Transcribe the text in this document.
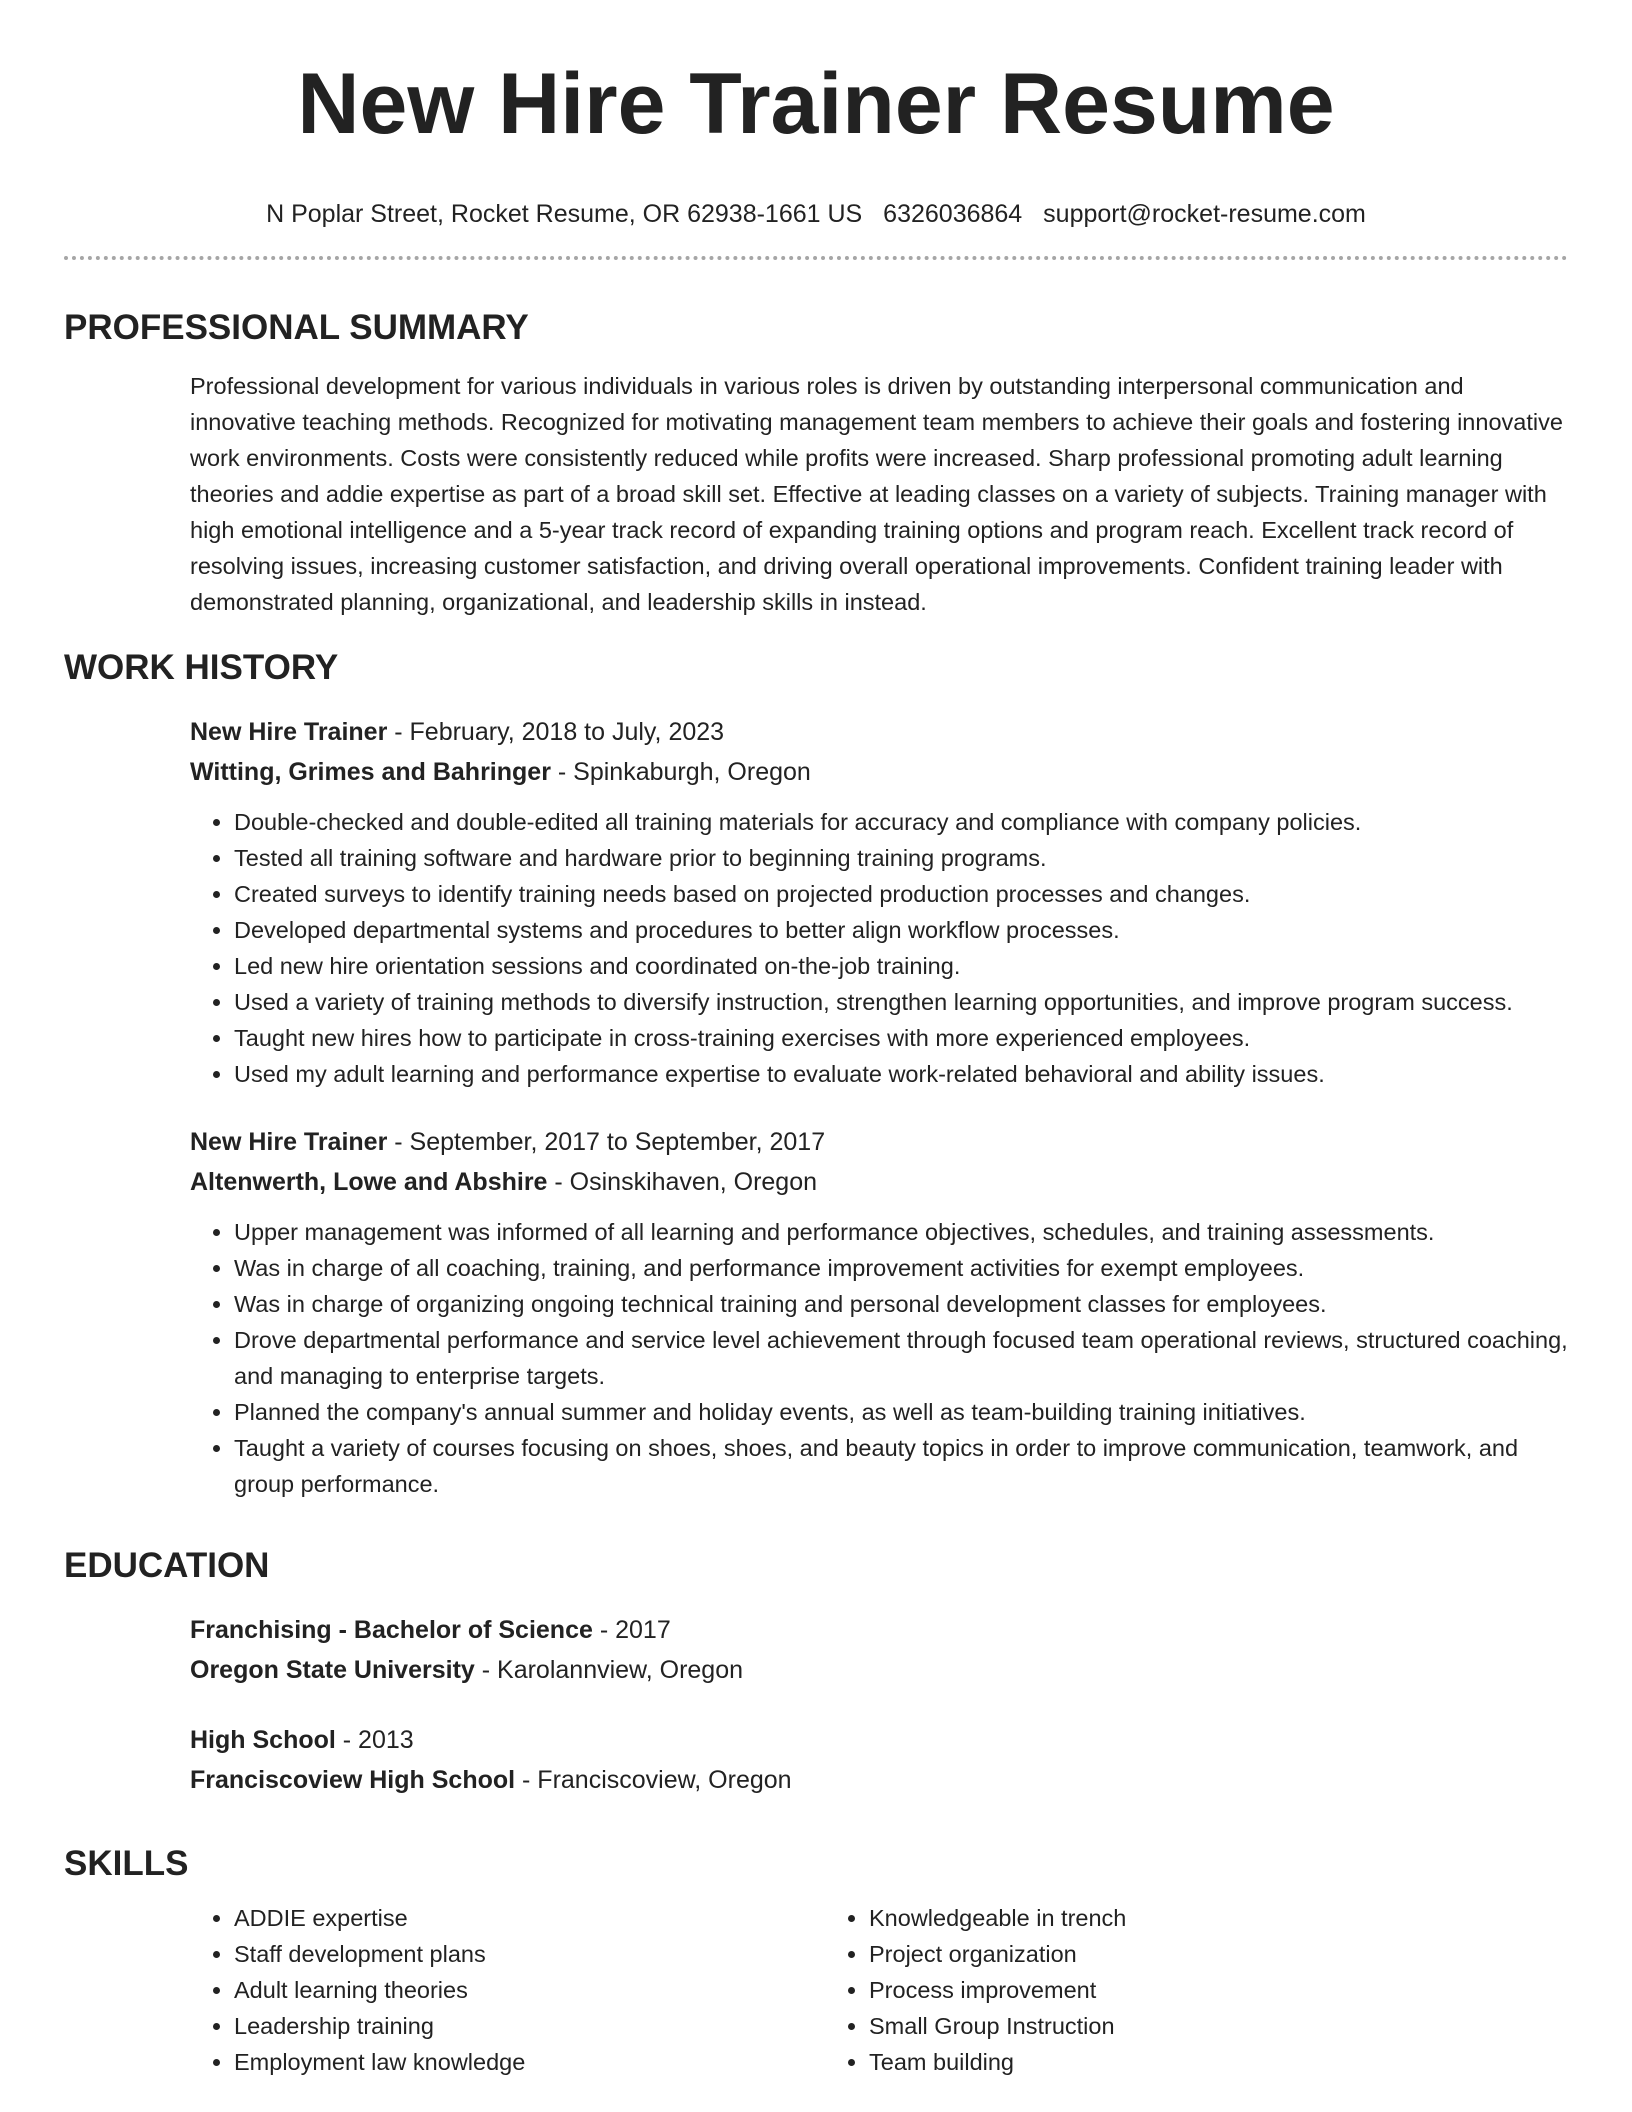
New Hire Trainer Resume
N Poplar Street, Rocket Resume, OR 62938-1661 US 6326036864 support@rocket-resume.com
PROFESSIONAL SUMMARY
Professional development for various individuals in various roles is driven by outstanding interpersonal communication and innovative teaching methods. Recognized for motivating management team members to achieve their goals and fostering innovative work environments. Costs were consistently reduced while profits were increased. Sharp professional promoting adult learning theories and addie expertise as part of a broad skill set. Effective at leading classes on a variety of subjects. Training manager with high emotional intelligence and a 5-year track record of expanding training options and program reach. Excellent track record of resolving issues, increasing customer satisfaction, and driving overall operational improvements. Confident training leader with demonstrated planning, organizational, and leadership skills in instead.
WORK HISTORY
New Hire Trainer - February, 2018 to July, 2023
Witting, Grimes and Bahringer - Spinkaburgh, Oregon
• Double-checked and double-edited all training materials for accuracy and compliance with company policies.
• Tested all training software and hardware prior to beginning training programs.
• Created surveys to identify training needs based on projected production processes and changes.
• Developed departmental systems and procedures to better align workflow processes.
• Led new hire orientation sessions and coordinated on-the-job training.
• Used a variety of training methods to diversify instruction, strengthen learning opportunities, and improve program success.
• Taught new hires how to participate in cross-training exercises with more experienced employees.
• Used my adult learning and performance expertise to evaluate work-related behavioral and ability issues.
New Hire Trainer - September, 2017 to September, 2017
Altenwerth, Lowe and Abshire - Osinskihaven, Oregon
• Upper management was informed of all learning and performance objectives, schedules, and training assessments.
• Was in charge of all coaching, training, and performance improvement activities for exempt employees.
• Was in charge of organizing ongoing technical training and personal development classes for employees.
• Drove departmental performance and service level achievement through focused team operational reviews, structured coaching, and managing to enterprise targets.
• Planned the company's annual summer and holiday events, as well as team-building training initiatives.
• Taught a variety of courses focusing on shoes, shoes, and beauty topics in order to improve communication, teamwork, and group performance.
EDUCATION
Franchising - Bachelor of Science - 2017
Oregon State University - Karolannview, Oregon
High School - 2013
Franciscoview High School - Franciscoview, Oregon
SKILLS
• ADDIE expertise
• Staff development plans
• Adult learning theories
• Leadership training
• Employment law knowledge
• Knowledgeable in trench
• Project organization
• Process improvement
• Small Group Instruction
• Team building
